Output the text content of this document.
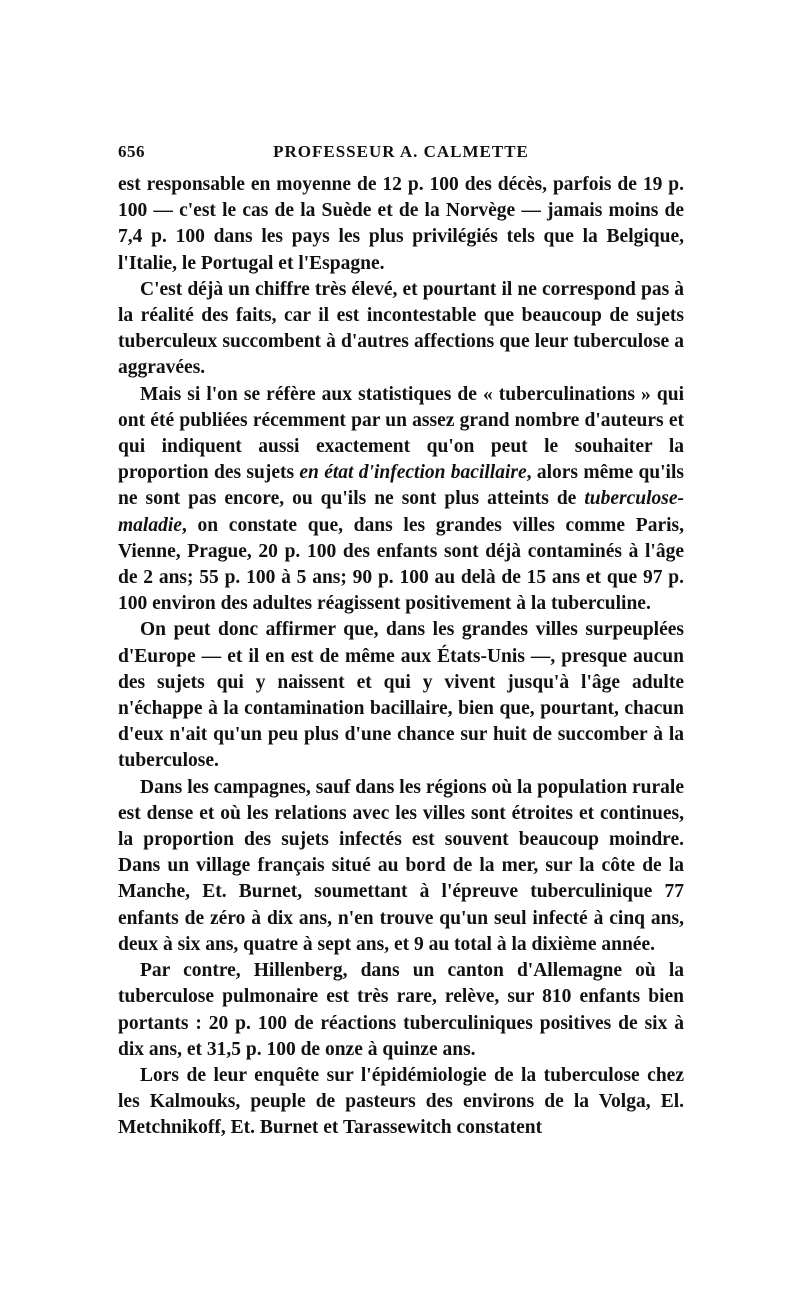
656	PROFESSEUR A. CALMETTE

est responsable en moyenne de 12 p. 100 des décès, parfois de 19 p. 100 — c'est le cas de la Suède et de la Norvège — jamais moins de 7,4 p. 100 dans les pays les plus privilégiés tels que la Belgique, l'Italie, le Portugal et l'Espagne.

C'est déjà un chiffre très élevé, et pourtant il ne correspond pas à la réalité des faits, car il est incontestable que beaucoup de sujets tuberculeux succombent à d'autres affections que leur tuberculose a aggravées.

Mais si l'on se réfère aux statistiques de « tuberculinations » qui ont été publiées récemment par un assez grand nombre d'auteurs et qui indiquent aussi exactement qu'on peut le souhaiter la proportion des sujets en état d'infection bacillaire, alors même qu'ils ne sont pas encore, ou qu'ils ne sont plus atteints de tuberculose-maladie, on constate que, dans les grandes villes comme Paris, Vienne, Prague, 20 p. 100 des enfants sont déjà contaminés à l'âge de 2 ans; 55 p. 100 à 5 ans; 90 p. 100 au delà de 15 ans et que 97 p. 100 environ des adultes réagissent positivement à la tuberculine.

On peut donc affirmer que, dans les grandes villes surpeuplées d'Europe — et il en est de même aux États-Unis —, presque aucun des sujets qui y naissent et qui y vivent jusqu'à l'âge adulte n'échappe à la contamination bacillaire, bien que, pourtant, chacun d'eux n'ait qu'un peu plus d'une chance sur huit de succomber à la tuberculose.

Dans les campagnes, sauf dans les régions où la population rurale est dense et où les relations avec les villes sont étroites et continues, la proportion des sujets infectés est souvent beaucoup moindre. Dans un village français situé au bord de la mer, sur la côte de la Manche, Et. Burnet, soumettant à l'épreuve tuberculinique 77 enfants de zéro à dix ans, n'en trouve qu'un seul infecté à cinq ans, deux à six ans, quatre à sept ans, et 9 au total à la dixième année.

Par contre, Hillenberg, dans un canton d'Allemagne où la tuberculose pulmonaire est très rare, relève, sur 810 enfants bien portants : 20 p. 100 de réactions tuberculiniques positives de six à dix ans, et 31,5 p. 100 de onze à quinze ans.

Lors de leur enquête sur l'épidémiologie de la tuberculose chez les Kalmouks, peuple de pasteurs des environs de la Volga, El. Metchnikoff, Et. Burnet et Tarassewitch constatent
